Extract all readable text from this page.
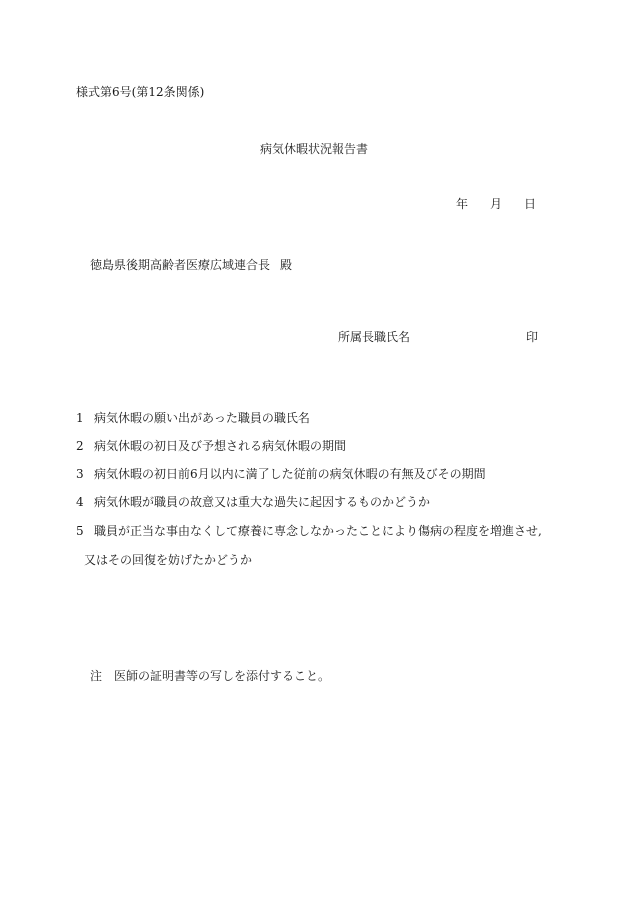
様式第6号(第12条関係)
病気休暇状況報告書
年 月 日
徳島県後期高齢者医療広域連合長 殿
所属長職氏名	印
1 病気休暇の願い出があった職員の職氏名
2 病気休暇の初日及び予想される病気休暇の期間
3 病気休暇の初日前6月以内に満了した従前の病気休暇の有無及びその期間
4 病気休暇が職員の故意又は重大な過失に起因するものかどうか
5 職員が正当な事由なくして療養に専念しなかったことにより傷病の程度を増進させ,
又はその回復を妨げたかどうか
注 医師の証明書等の写しを添付すること。
